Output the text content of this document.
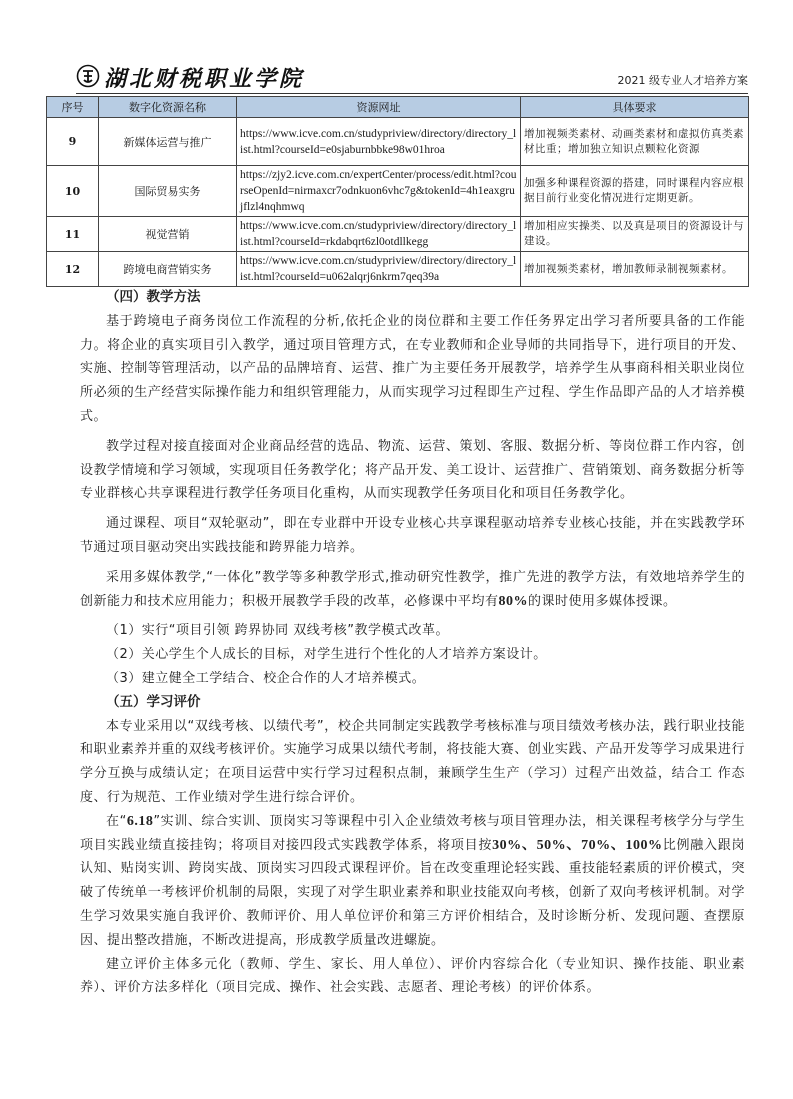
湖北财税职业学院	2021 级专业人才培养方案
序号	数字化资源名称	资源网址	具体要求
9	新媒体运营与推广	https://www.icve.com.cn/studypriview/directory/directory_list.html?courseId=e0sjaburnbbke98w01hroa	增加视频类素材、动画类素材和虚拟仿真类素材比重；增加独立知识点颗粒化资源
10	国际贸易实务	https://zjy2.icve.com.cn/expertCenter/process/edit.html?courseOpenId=nirmaxcr7odnkuon6vhc7g&tokenId=4h1eaxgrujflzl4nqhmwq	加强多种课程资源的搭建，同时课程内容应根据目前行业变化情况进行定期更新。
11	视觉营销	https://www.icve.com.cn/studypriview/directory/directory_list.html?courseId=rkdabqrt6zl0otdllkegg	增加相应实操类、以及真是项目的资源设计与建设。
12	跨境电商营销实务	https://www.icve.com.cn/studypriview/directory/directory_list.html?courseId=u062alqrj6nkrm7qeq39a	增加视频类素材，增加教师录制视频素材。
（四）教学方法

基于跨境电子商务岗位工作流程的分析,依托企业的岗位群和主要工作任务界定出学习者所要具备的工作能力。将企业的真实项目引入教学，通过项目管理方式，在专业教师和企业导师的共同指导下，进行项目的开发、实施、控制等管理活动，以产品的品牌培育、运营、推广为主要任务开展教学，培养学生从事商科相关职业岗位所必须的生产经营实际操作能力和组织管理能力，从而实现学习过程即生产过程、学生作品即产品的人才培养模式。

教学过程对接直接面对企业商品经营的选品、物流、运营、策划、客服、数据分析、等岗位群工作内容，创设教学情境和学习领域，实现项目任务教学化；将产品开发、美工设计、运营推广、营销策划、商务数据分析等专业群核心共享课程进行教学任务项目化重构，从而实现教学任务项目化和项目任务教学化。

通过课程、项目“双轮驱动”，即在专业群中开设专业核心共享课程驱动培养专业核心技能，并在实践教学环节通过项目驱动突出实践技能和跨界能力培养。

采用多媒体教学,“一体化”教学等多种教学形式,推动研究性教学，推广先进的教学方法，有效地培养学生的创新能力和技术应用能力；积极开展教学手段的改革，必修课中平均有80%的课时使用多媒体授课。

（1）实行“项目引领 跨界协同 双线考核”教学模式改革。

（2）关心学生个人成长的目标，对学生进行个性化的人才培养方案设计。

（3）建立健全工学结合、校企合作的人才培养模式。

（五）学习评价

本专业采用以“双线考核、以绩代考”，校企共同制定实践教学考核标准与项目绩效考核办法，践行职业技能和职业素养并重的双线考核评价。实施学习成果以绩代考制，将技能大赛、创业实践、产品开发等学习成果进行学分互换与成绩认定；在项目运营中实行学习过程积点制，兼顾学生生产（学习）过程产出效益，结合工 作态度、行为规范、工作业绩对学生进行综合评价。

在“6.18”实训、综合实训、顶岗实习等课程中引入企业绩效考核与项目管理办法，相关课程考核学分与学生项目实践业绩直接挂钩；将项目对接四段式实践教学体系，将项目按30%、50%、70%、100%比例融入跟岗认知、贴岗实训、跨岗实战、顶岗实习四段式课程评价。旨在改变重理论轻实践、重技能轻素质的评价模式，突破了传统单一考核评价机制的局限，实现了对学生职业素养和职业技能双向考核，创新了双向考核评机制。对学生学习效果实施自我评价、教师评价、用人单位评价和第三方评价相结合，及时诊断分析、发现问题、查摆原因、提出整改措施，不断改进提高，形成教学质量改进螺旋。

建立评价主体多元化（教师、学生、家长、用人单位）、评价内容综合化（专业知识、操作技能、职业素养）、评价方法多样化（项目完成、操作、社会实践、志愿者、理论考核）的评价体系。
